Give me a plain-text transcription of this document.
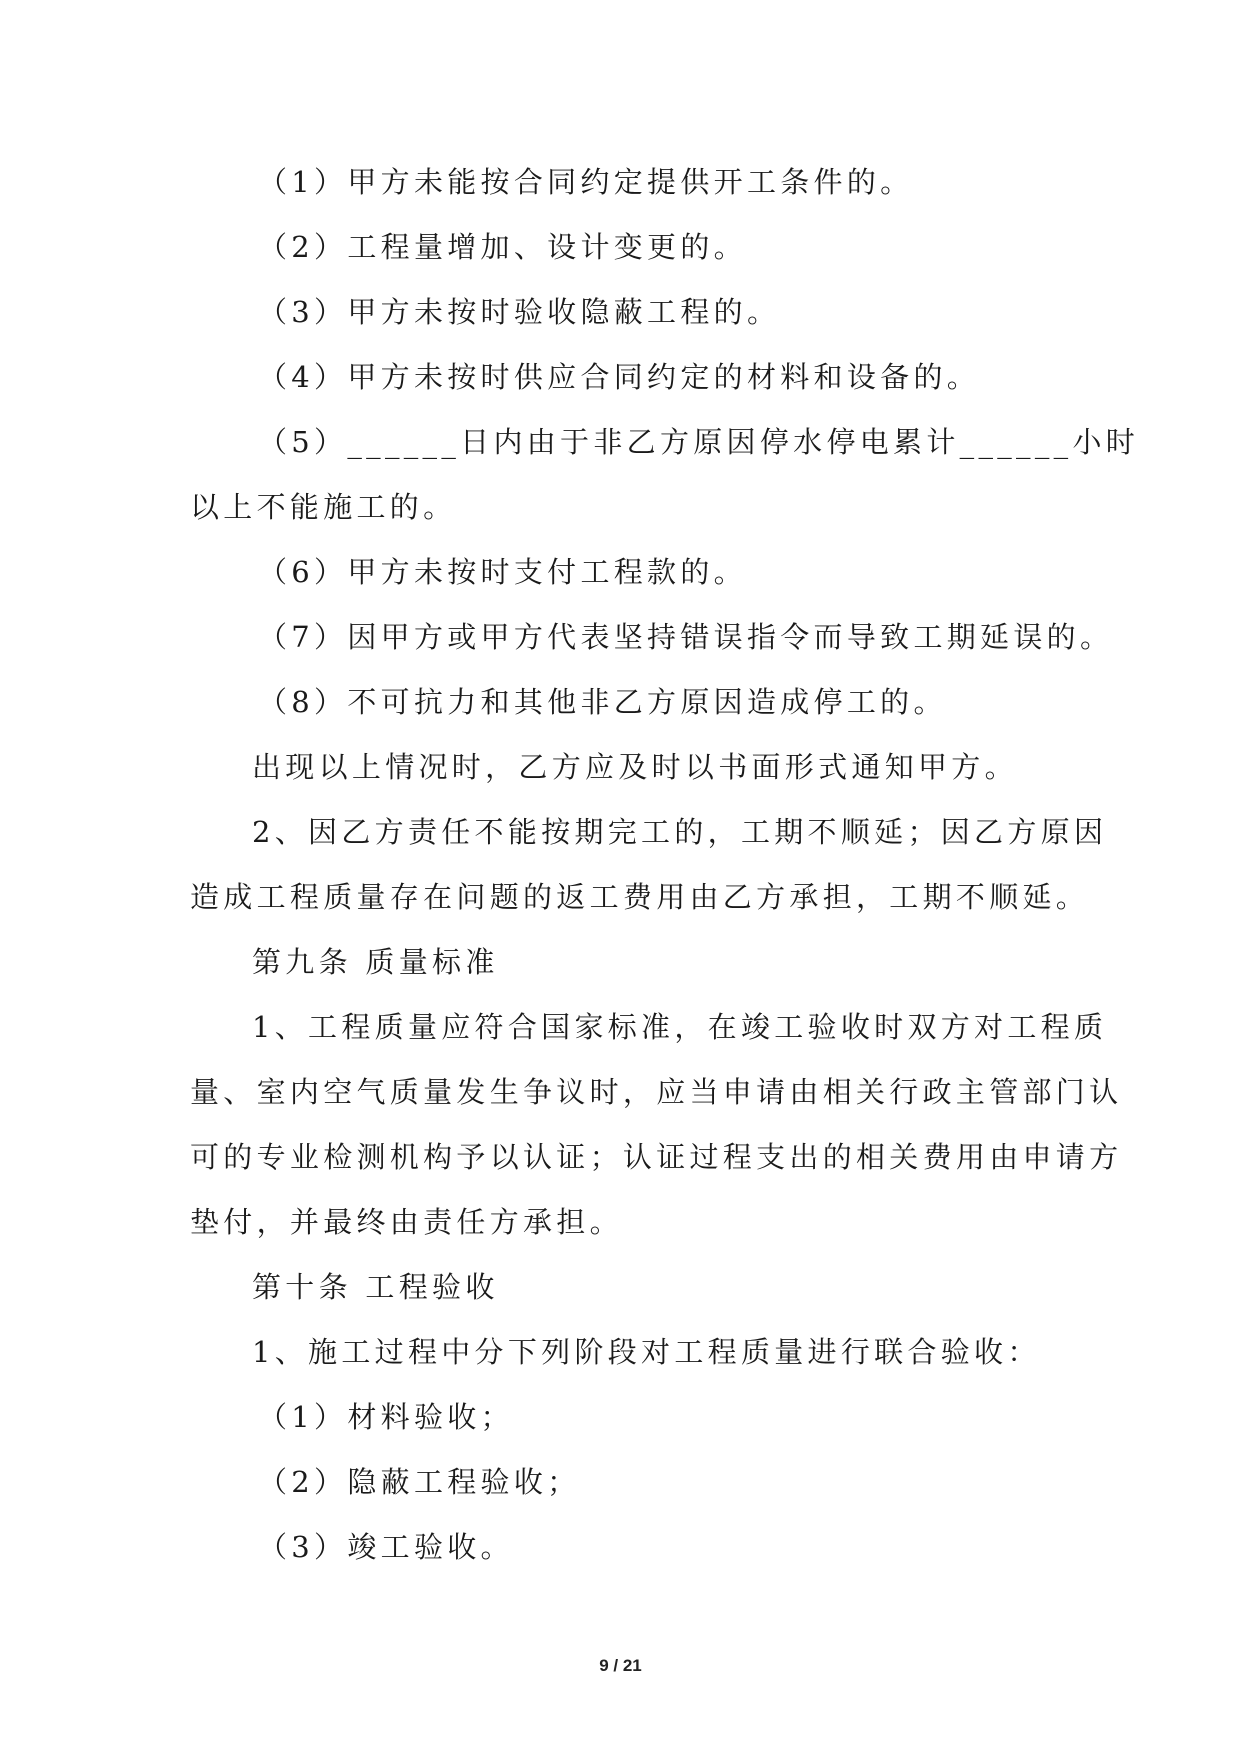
（1）甲方未能按合同约定提供开工条件的。
（2）工程量增加、设计变更的。
（3）甲方未按时验收隐蔽工程的。
（4）甲方未按时供应合同约定的材料和设备的。
（5）______日内由于非乙方原因停水停电累计______小时
以上不能施工的。
（6）甲方未按时支付工程款的。
（7）因甲方或甲方代表坚持错误指令而导致工期延误的。
（8）不可抗力和其他非乙方原因造成停工的。
出现以上情况时，乙方应及时以书面形式通知甲方。
2、因乙方责任不能按期完工的，工期不顺延；因乙方原因
造成工程质量存在问题的返工费用由乙方承担，工期不顺延。
第九条 质量标准
1、工程质量应符合国家标准，在竣工验收时双方对工程质
量、室内空气质量发生争议时，应当申请由相关行政主管部门认
可的专业检测机构予以认证；认证过程支出的相关费用由申请方
垫付，并最终由责任方承担。
第十条 工程验收
1、施工过程中分下列阶段对工程质量进行联合验收：
（1）材料验收；
（2）隐蔽工程验收；
（3）竣工验收。
9 / 21
